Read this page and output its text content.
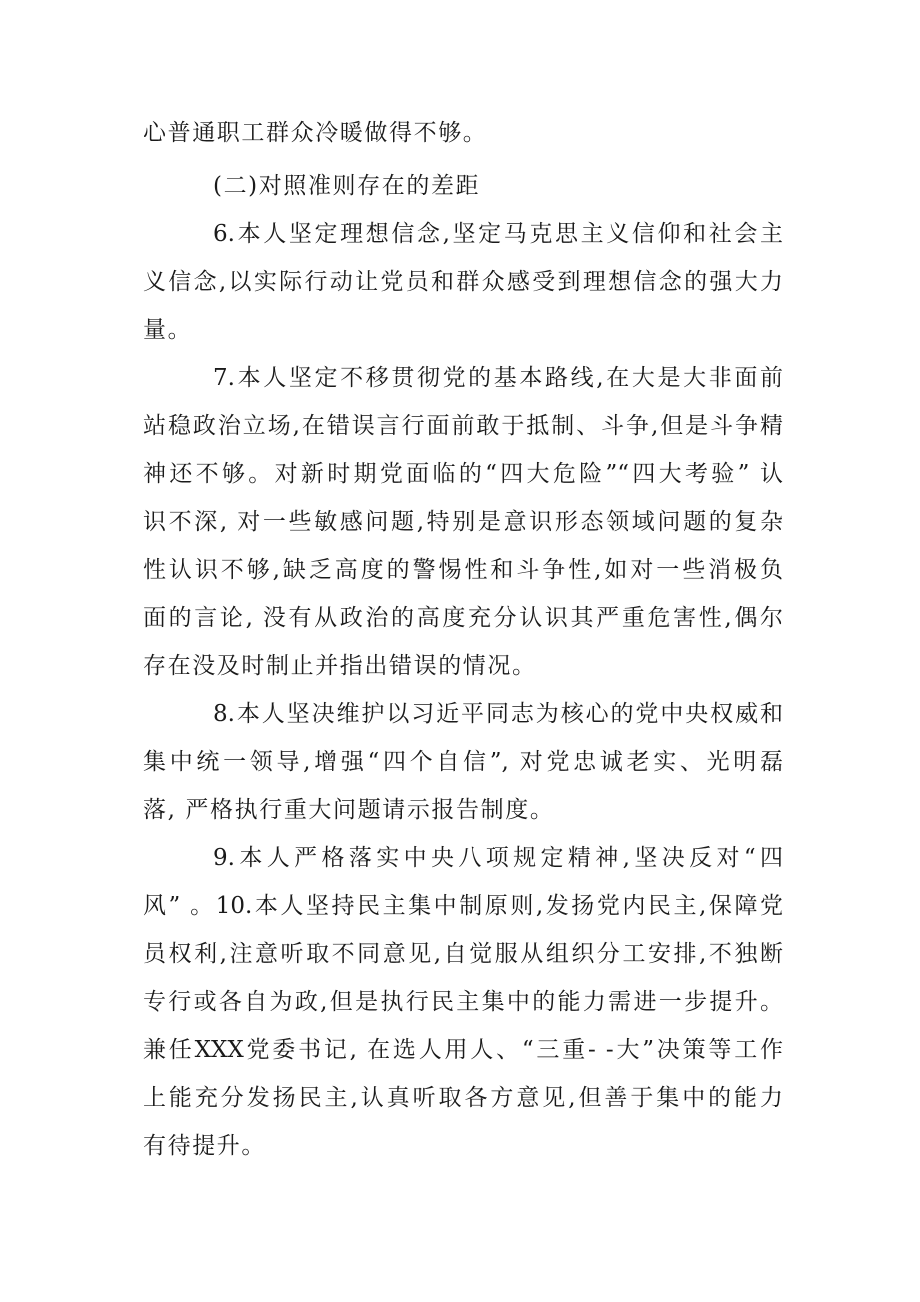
心普通职工群众冷暖做得不够。
(二)对照准则存在的差距
6.本人坚定理想信念,坚定马克思主义信仰和社会主
义信念,以实际行动让党员和群众感受到理想信念的强大力
量。
7.本人坚定不移贯彻党的基本路线,在大是大非面前
站稳政治立场,在错误言行面前敢于抵制、斗争,但是斗争精
神还不够。对新时期党面临的“四大危险”“四大考验” 认
识不深, 对一些敏感问题,特别是意识形态领域问题的复杂
性认识不够,缺乏高度的警惕性和斗争性,如对一些消极负
面的言论, 没有从政治的高度充分认识其严重危害性,偶尔
存在没及时制止并指出错误的情况。
8.本人坚决维护以习近平同志为核心的党中央权威和
集中统一领导,增强“四个自信”, 对党忠诚老实、光明磊
落, 严格执行重大问题请示报告制度。
9.本人严格落实中央八项规定精神,坚决反对“四
风” 。10.本人坚持民主集中制原则,发扬党内民主,保障党
员权利,注意听取不同意见,自觉服从组织分工安排,不独断
专行或各自为政,但是执行民主集中的能力需进一步提升。
兼任XXX党委书记, 在选人用人、“三重- -大”决策等工作
上能充分发扬民主,认真听取各方意见,但善于集中的能力
有待提升。
